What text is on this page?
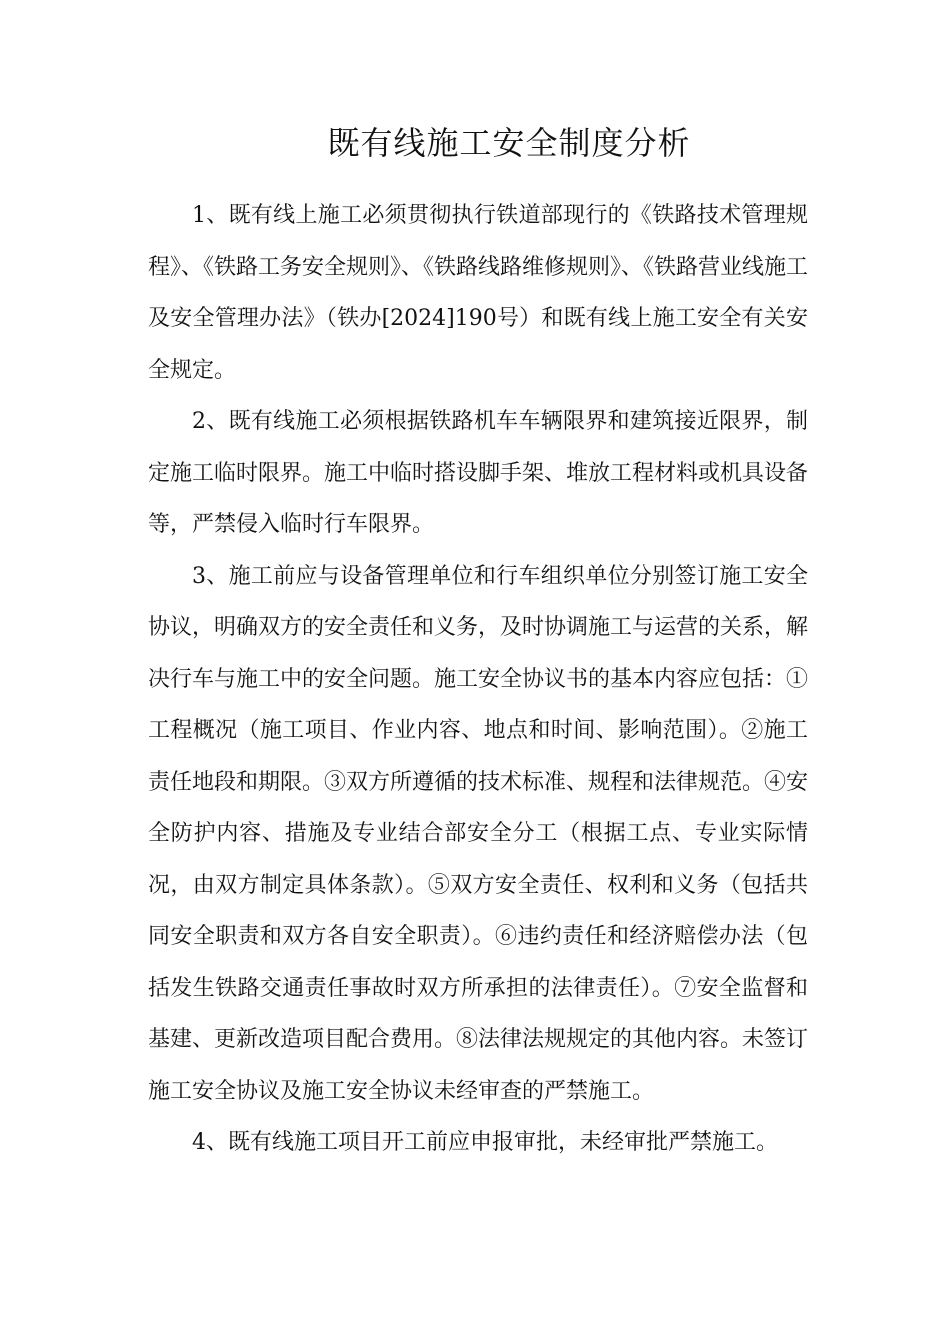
既有线施工安全制度分析

1、既有线上施工必须贯彻执行铁道部现行的《铁路技术管理规程》、《铁路工务安全规则》、《铁路线路维修规则》、《铁路营业线施工及安全管理办法》（铁办[2024]190号）和既有线上施工安全有关安全规定。

2、既有线施工必须根据铁路机车车辆限界和建筑接近限界，制定施工临时限界。施工中临时搭设脚手架、堆放工程材料或机具设备等，严禁侵入临时行车限界。

3、施工前应与设备管理单位和行车组织单位分别签订施工安全协议，明确双方的安全责任和义务，及时协调施工与运营的关系，解决行车与施工中的安全问题。施工安全协议书的基本内容应包括：①工程概况（施工项目、作业内容、地点和时间、影响范围）。②施工责任地段和期限。③双方所遵循的技术标准、规程和法律规范。④安全防护内容、措施及专业结合部安全分工（根据工点、专业实际情况，由双方制定具体条款）。⑤双方安全责任、权利和义务（包括共同安全职责和双方各自安全职责）。⑥违约责任和经济赔偿办法（包括发生铁路交通责任事故时双方所承担的法律责任）。⑦安全监督和基建、更新改造项目配合费用。⑧法律法规规定的其他内容。未签订施工安全协议及施工安全协议未经审查的严禁施工。

4、既有线施工项目开工前应申报审批，未经审批严禁施工。
